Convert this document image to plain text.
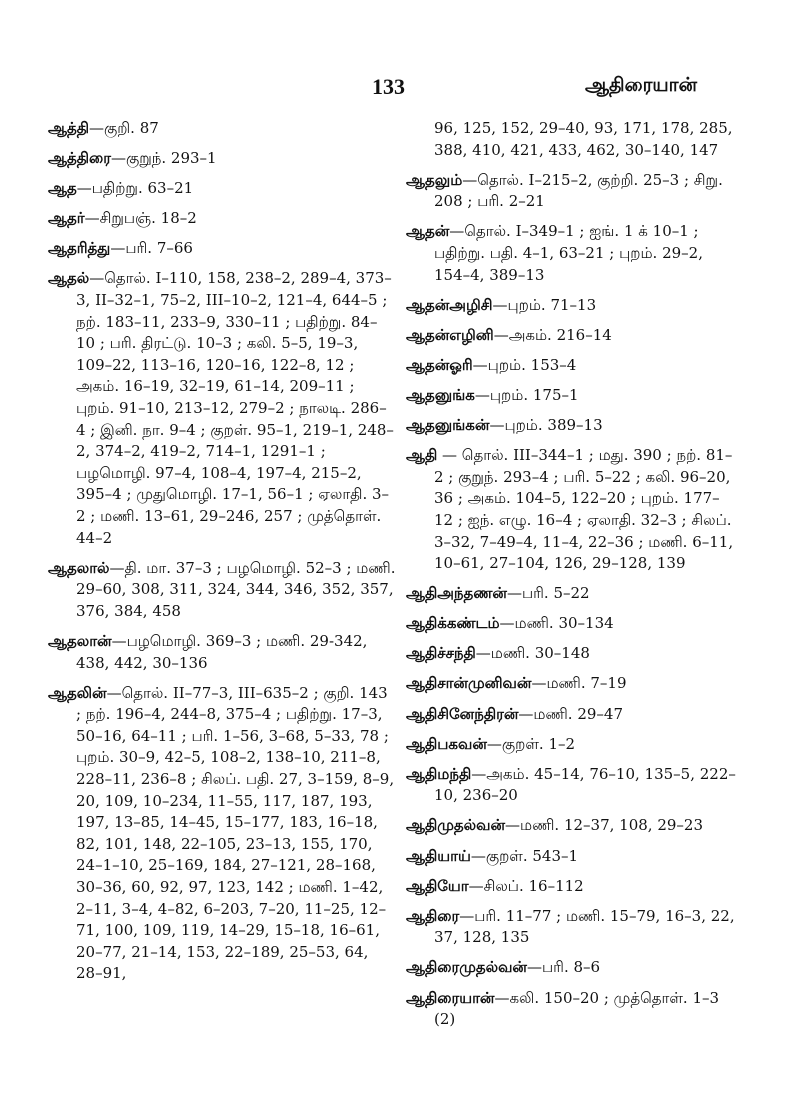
133	ஆதிரையான்

ஆத்தி—குறி. 87

ஆத்திரை—குறுந். 293–1

ஆத—பதிற்று. 63–21

ஆதர்—சிறுபஞ். 18–2

ஆதரித்து—பரி. 7–66

ஆதல்—தொல். I–110, 158, 238–2, 289–4, 373–3, II–32–1, 75–2, III–10–2, 121–4, 644–5 ; நற். 183–11, 233–9, 330–11 ; பதிற்று. 84–10 ; பரி. திரட்டு. 10–3 ; கலி. 5–5, 19–3, 109–22, 113–16, 120–16, 122–8, 12 ; அகம். 16–19, 32–19, 61–14, 209–11 ; புறம். 91–10, 213–12, 279–2 ; நாலடி. 286–4 ; இனி. நா. 9–4 ; குறள். 95–1, 219–1, 248–2, 374–2, 419–2, 714–1, 1291–1 ; பழமொழி. 97–4, 108–4, 197–4, 215–2, 395–4 ; முதுமொழி. 17–1, 56–1 ; ஏலாதி. 3–2 ; மணி. 13–61, 29–246, 257 ; முத்தொள். 44–2

ஆதலால்—தி. மா. 37–3 ; பழமொழி. 52–3 ; மணி. 29–60, 308, 311, 324, 344, 346, 352, 357, 376, 384, 458

ஆதலான்—பழமொழி. 369–3 ; மணி. 29-342, 438, 442, 30–136

ஆதலின்—தொல். II–77–3, III–635–2 ; குறி. 143 ; நற். 196–4, 244–8, 375–4 ; பதிற்று. 17–3, 50–16, 64–11 ; பரி. 1–56, 3–68, 5–33, 78 ; புறம். 30–9, 42–5, 108–2, 138–10, 211–8, 228–11, 236–8 ; சிலப். பதி. 27, 3–159, 8–9, 20, 109, 10–234, 11–55, 117, 187, 193, 197, 13–85, 14–45, 15–177, 183, 16–18, 82, 101, 148, 22–105, 23–13, 155, 170, 24–1–10, 25–169, 184, 27–121, 28–168, 30–36, 60, 92, 97, 123, 142 ; மணி. 1–42, 2–11, 3–4, 4–82, 6–203, 7–20, 11–25, 12–71, 100, 109, 119, 14–29, 15–18, 16–61, 20–77, 21–14, 153, 22–189, 25–53, 64, 28–91,

96, 125, 152, 29–40, 93, 171, 178, 285, 388, 410, 421, 433, 462, 30–140, 147

ஆதலும்—தொல். I–215–2, குற்றி. 25–3 ; சிறு. 208 ; பரி. 2–21

ஆதன்—தொல். I–349–1 ; ஐங். 1 க் 10–1 ; பதிற்று. பதி. 4–1, 63–21 ; புறம். 29–2, 154–4, 389–13

ஆதன்அழிசி—புறம். 71–13

ஆதன்எழினி—அகம். 216–14

ஆதன்ஓரி—புறம். 153–4

ஆதனுங்க—புறம். 175–1

ஆதனுங்கன்—புறம். 389–13

ஆதி — தொல். III–344–1 ; மது. 390 ; நற். 81–2 ; குறுந். 293–4 ; பரி. 5–22 ; கலி. 96–20, 36 ; அகம். 104–5, 122–20 ; புறம். 177–12 ; ஐந். எழு. 16–4 ; ஏலாதி. 32–3 ; சிலப். 3–32, 7–49–4, 11–4, 22–36 ; மணி. 6–11, 10–61, 27–104, 126, 29–128, 139

ஆதிஅந்தணன்—பரி. 5–22

ஆதிக்கண்டம்—மணி. 30–134

ஆதிச்சந்தி—மணி. 30–148

ஆதிசான்முனிவன்—மணி. 7–19

ஆதிசினேந்திரன்—மணி. 29–47

ஆதிபகவன்—குறள். 1–2

ஆதிமந்தி—அகம். 45–14, 76–10, 135–5, 222–10, 236–20

ஆதிமுதல்வன்—மணி. 12–37, 108, 29–23

ஆதியாய்—குறள். 543–1

ஆதியோ—சிலப். 16–112

ஆதிரை—பரி. 11–77 ; மணி. 15–79, 16–3, 22, 37, 128, 135

ஆதிரைமுதல்வன்—பரி. 8–6

ஆதிரையான்—கலி. 150–20 ; முத்தொள். 1–3 (2)
